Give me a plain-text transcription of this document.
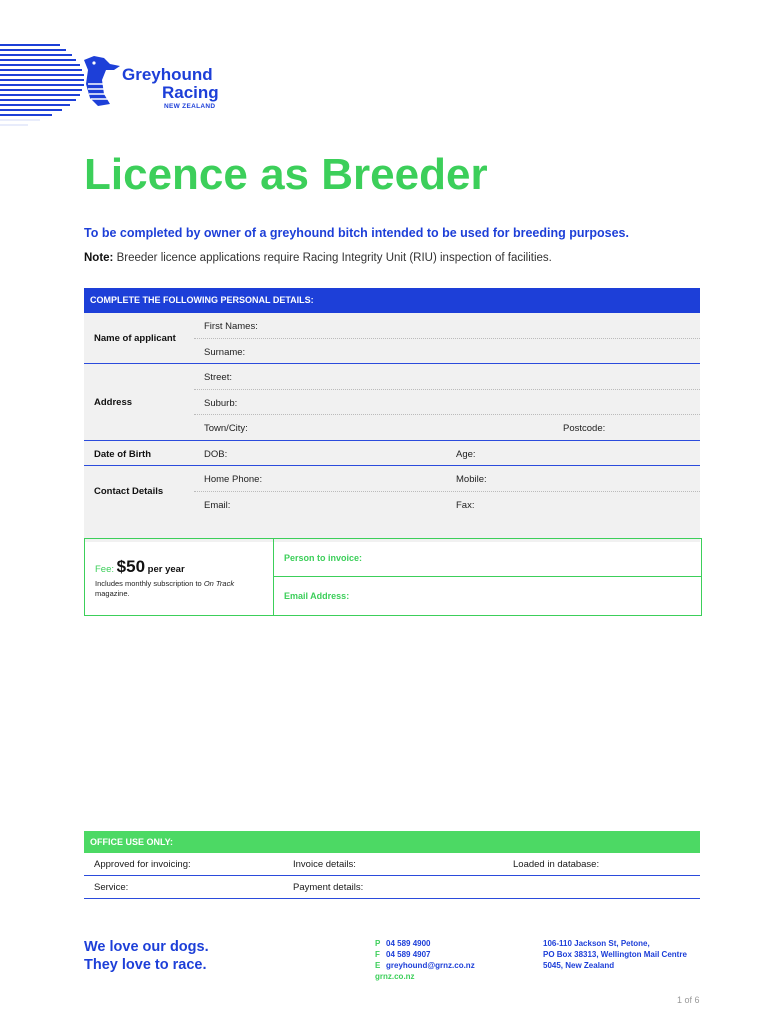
Greyhound
Racing
NEW ZEALAND
Licence as Breeder
To be completed by owner of a greyhound bitch intended to be used for breeding purposes.
Note: Breeder licence applications require Racing Integrity Unit (RIU) inspection of facilities.
COMPLETE THE FOLLOWING PERSONAL DETAILS:
Name of applicant
First Names:
Surname:
Address
Street:
Suburb:
Town/City:	Postcode:
Date of Birth	DOB:	Age:
Contact Details
Home Phone:	Mobile:
Email:	Fax:
Fee: $50 per year
Includes monthly subscription to On Track magazine.
Person to invoice:
Email Address:
OFFICE USE ONLY:
Approved for invoicing:	Invoice details:	Loaded in database:
Service:	Payment details:
We love our dogs.
They love to race.
P 04 589 4900
F 04 589 4907
E greyhound@grnz.co.nz
grnz.co.nz
106-110 Jackson St, Petone,
PO Box 38313, Wellington Mail Centre
5045, New Zealand
1 of 6
